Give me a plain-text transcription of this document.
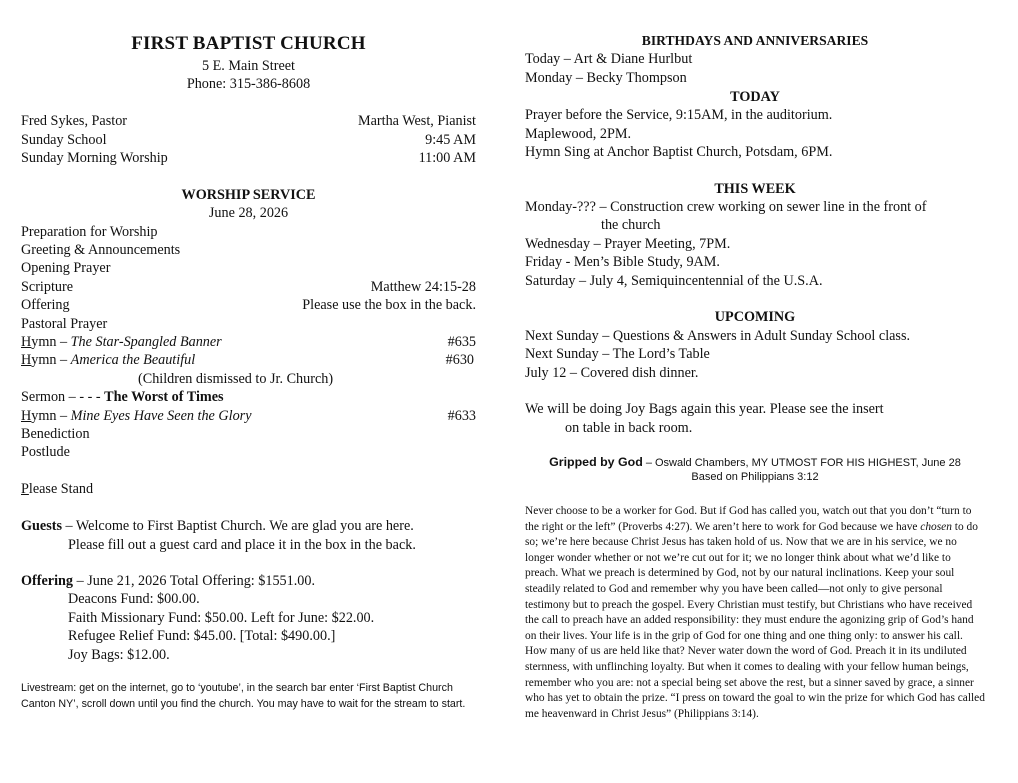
FIRST BAPTIST CHURCH
5 E. Main Street
Phone: 315-386-8608
Fred Sykes, Pastor	Martha West, Pianist
Sunday School	9:45 AM
Sunday Morning Worship	11:00 AM
WORSHIP SERVICE
June 28, 2026
Preparation for Worship
Greeting & Announcements
Opening Prayer
Scripture	Matthew 24:15-28
Offering	Please use the box in the back.
Pastoral Prayer
Hymn – The Star-Spangled Banner	#635
Hymn – America the Beautiful	#630
(Children dismissed to Jr. Church)
Sermon – - - - The Worst of Times
Hymn – Mine Eyes Have Seen the Glory	#633
Benediction
Postlude
Please Stand
Guests – Welcome to First Baptist Church. We are glad you are here.
Please fill out a guest card and place it in the box in the back.
Offering – June 21, 2026 Total Offering: $1551.00.
Deacons Fund: $00.00.
Faith Missionary Fund: $50.00. Left for June: $22.00.
Refugee Relief Fund: $45.00. [Total: $490.00.]
Joy Bags: $12.00.
Livestream: get on the internet, go to ‘youtube’, in the search bar enter ‘First Baptist Church Canton NY’, scroll down until you find the church. You may have to wait for the stream to start.
BIRTHDAYS AND ANNIVERSARIES
Today – Art & Diane Hurlbut
Monday – Becky Thompson
TODAY
Prayer before the Service, 9:15AM, in the auditorium.
Maplewood, 2PM.
Hymn Sing at Anchor Baptist Church, Potsdam, 6PM.
THIS WEEK
Monday-??? – Construction crew working on sewer line in the front of
the church
Wednesday – Prayer Meeting, 7PM.
Friday - Men’s Bible Study, 9AM.
Saturday – July 4, Semiquincentennial of the U.S.A.
UPCOMING
Next Sunday – Questions & Answers in Adult Sunday School class.
Next Sunday – The Lord’s Table
July 12 – Covered dish dinner.
We will be doing Joy Bags again this year. Please see the insert
on table in back room.
Gripped by God – Oswald Chambers, MY UTMOST FOR HIS HIGHEST, June 28
Based on Philippians 3:12
Never choose to be a worker for God. But if God has called you, watch out that you don’t “turn to the right or the left” (Proverbs 4:27). We aren’t here to work for God because we have chosen to do so; we’re here because Christ Jesus has taken hold of us. Now that we are in his service, we no longer wonder whether or not we’re cut out for it; we no longer think about what we’d like to preach. What we preach is determined by God, not by our natural inclinations. Keep your soul steadily related to God and remember why you have been called—not only to give personal testimony but to preach the gospel. Every Christian must testify, but Christians who have received the call to preach have an added responsibility: they must endure the agonizing grip of God’s hand on their lives. Your life is in the grip of God for one thing and one thing only: to answer his call. How many of us are held like that? Never water down the word of God. Preach it in its undiluted sternness, with unflinching loyalty. But when it comes to dealing with your fellow human beings, remember who you are: not a special being set above the rest, but a sinner saved by grace, a sinner who has yet to obtain the prize. “I press on toward the goal to win the prize for which God has called me heavenward in Christ Jesus” (Philippians 3:14).
